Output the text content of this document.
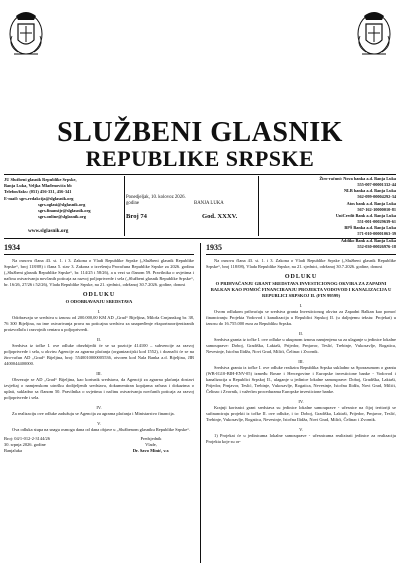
SLUŽBENI GLASNIK
REPUBLIKE SRPSKE
JU Službeni glasnik Republike Srpske,
Banja Luka, Veljka Mlađenovića bb
Telefon/faks: (051) 456-331, 456-341
E-mail: sgrs.redakcija@slglasnik.org
sgrs.oglasi@slglasnik.org
sgrs.finansije@slglasnik.org
sgrs.online@slglasnik.org
www.slglasnik.org
Ponedjeljak, 10. kolovoz 2026. godine	BANJA LUKA
Broj 74	God. XXXV.
Žiro-računi: Nova banka a.d. Banja Luka
555-007-00001332-44
NLB banka a.d. Banja Luka
562-099-00004292-34
Atos bank a.d. Banja Luka
567-162-10000010-81
UniCredit Bank a.d. Banja Luka
551-001-00029639-61
BPŠ Banka a.d. Banja Luka
571-010-00001063-39
Addiko Bank a.d. Banja Luka
552-030-00026976-18
1934

Na osnovu člana 43. st. 1. i 3. Zakona o Vladi Republike Srpske („Službeni glasnik Republike Srpske“, broj 118/08) i člana 5. stav 3. Zakona o izvršenju Proračuna Republike Srpske za 2026. godinu („Službeni glasnik Republike Srpske“, br. 114/25 i 58/26), a u vezi sa članom 59. Pravilnika o uvjetima i načinu ostvarivanja novčanih poticaja za razvoj poljoprivrede i sela („Službeni glasnik Republike Srpske“, br. 16/26, 27/26 i 52/26), Vlada Republike Srpske, na 21. sjednici, održanoj 30.7.2026. godine, donosi

ODLUKU
O ODOBRAVANJU SREDSTAVA
I.

Odobravaju se sredstva u iznosu od 200.000,00 KM AD „Grad“ Bijeljina, Miloša Crnjanskog br. 38, 76 300 Bijeljina, na ime ostvarivanja prava na poticajna sredstva za unapređenje eksportnoorijentiranih proizvođača i razvojnih centara u poljoprivredi.

II.

Sredstva iz točke I. ove odluke obezbijedit će se sa pozicije 414100 – subvencije za razvoj poljoprivrede i sela, u okviru Agencije za agrarna plaćanja (organizacijski kod 1552), i doznačit će se na žiro-račun AD „Grad“ Bijeljina, broj: 5540010000005536, otvoren kod Nala Banka a.d. Bijeljina, JIB 4400044400000.

III.

Obvezuje se AD „Grad“ Bijeljina, kao korisnik sredstava, da Agenciji za agrarna plaćanja dostavi izvještaj o namjenskom utrošku dodijeljenih sredstava, dokumentiran kopijama računa i dokazima o uplati, sukladno sa članom 50. Pravilnika o uvjetima i načinu ostvarivanja novčanih poticaja za razvoj poljoprivrede i sela.

IV.

Za realizaciju ove odluke zadužuju se Agencija za agrarna plaćanja i Ministarstvo financija.

V.

Ova odluka stupa na snagu osmoga dana od dana objave u „Službenom glasniku Republike Srpske“.

Broj: 04/1-012-2-3144/26
30. srpnja 2026. godine
Banjaluka
Predsjednik
Vlade,
Dr. Savo Minić, v.r.
1935

Na osnovu člana 43. st. 1. i 3. Zakona o Vladi Republike Srpske („Službeni glasnik Republike Srpske“, broj 118/08), Vlada Republike Srpske, na 21. sjednici, održanoj 30.7.2026. godine, donosi

ODLUKU
O PRIHVAĆANJU GRANT SREDSTAVA INVESTICIONOG OKVIRA ZA ZAPADNI BALKAN KAO POMOĆ FINANCIRANJU PROJEKTA VODOVOD I KANALIZACIJA U REPUBLICI SRPSKOJ II. (FIN 99599)
I.

Ovom odlukom prihvaćaju se sredstva granta Investicionog okvira za Zapadni Balkan kao pomoć financiranju Projekta Vodovod i kanalizacija u Republici Srpskoj II. (u daljnjemu tekstu: Projekat) u iznosu do 16.755.000 eura za Republiku Srpsku.

II.

Sredstva granta iz točke I. ove odluke u ukupnom iznosu namjenjena su za ulaganje u jedinice lokalne samouprave: Doboj, Gradiška, Laktaši, Prijedor, Prnjavor, Teslić, Trebinje, Vukosavlje, Rogatica, Nevesinje, Istočna Ilidža, Novi Grad, Milići, Čelinac i Zvornik.

III.

Sredstva granta iz točke I. ove odluke realizira Republika Srpska sukladno sa Sporazumom o grantu (WB-IG10-BIH-ENV-05) između Bosne i Hercegovine i Europske investicione banke - Vodovod i kanalizacija u Republici Srpskoj II., ulaganje u jedinice lokalne samouprave: Doboj, Gradiška, Laktaši, Prijedor, Prnjavor, Teslić, Trebinje, Vukosavlje, Rogatica, Nevesinje, Istočna Ilidža, Novi Grad, Milići, Čelinac i Zvornik, i važećim procedurama Europske investicione banke.

IV.

Krajnji korisnici grant sredstava su jedinice lokalne samouprave - učesnice na čijoj teritoriji se sufinanciraju projekti iz točke II. ove odluke, i to: Doboj, Gradiška, Laktaši, Prijedor, Prnjavor, Teslić, Trebinje, Vukosavlje, Rogatica, Nevesinje, Istočna Ilidža, Novi Grad, Milići, Čelinac i Zvornik.

V.

1) Projekat će u jedinicama lokalne samouprave - učesnicama realizirati jedinice za realizaciju Projekta koje su or-
